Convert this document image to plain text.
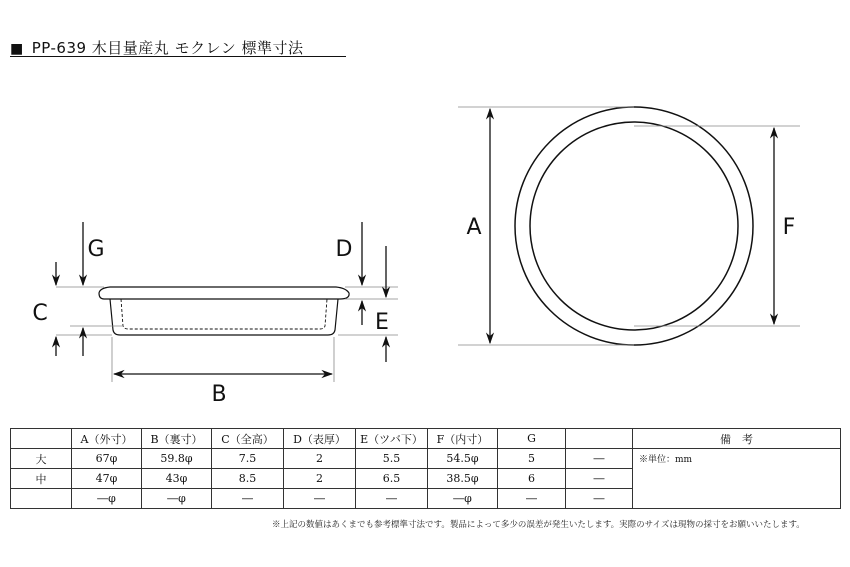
■ PP-639 木目量産丸 モクレン 標準寸法
G	D
C	E
B
A	F
	A（外寸）	B（裏寸）	C（全高）	D（表厚）	E（ツバ下）	F（内寸）	G		備　考
大	67φ	59.8φ	7.5	2	5.5	54.5φ	5	―	※単位：mm
中	47φ	43φ	8.5	2	6.5	38.5φ	6	―	
	―φ	―φ	―	―	―	―φ	―	―	
※上記の数値はあくまでも参考標準寸法です。製品によって多少の誤差が発生いたします。実際のサイズは現物の採寸をお願いいたします。
